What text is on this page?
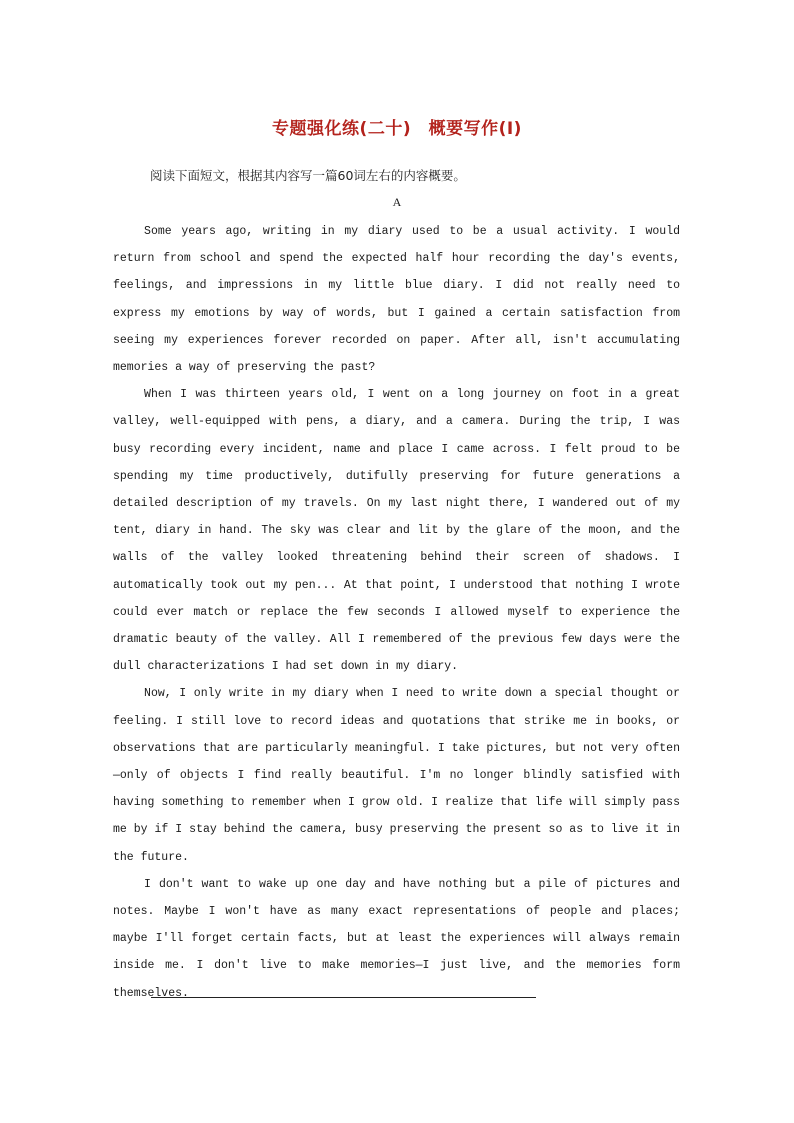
专题强化练(二十)　概要写作(Ⅰ)
阅读下面短文，根据其内容写一篇60词左右的内容概要。
A

Some years ago, writing in my diary used to be a usual activity. I would return from school and spend the expected half hour recording the day's events, feelings, and impressions in my little blue diary. I did not really need to express my emotions by way of words, but I gained a certain satisfaction from seeing my experiences forever recorded on paper. After all, isn't accumulating memories a way of preserving the past?

When I was thirteen years old, I went on a long journey on foot in a great valley, well-equipped with pens, a diary, and a camera. During the trip, I was busy recording every incident, name and place I came across. I felt proud to be spending my time productively, dutifully preserving for future generations a detailed description of my travels. On my last night there, I wandered out of my tent, diary in hand. The sky was clear and lit by the glare of the moon, and the walls of the valley looked threatening behind their screen of shadows. I automatically took out my pen... At that point, I understood that nothing I wrote could ever match or replace the few seconds I allowed myself to experience the dramatic beauty of the valley. All I remembered of the previous few days were the dull characterizations I had set down in my diary.

Now, I only write in my diary when I need to write down a special thought or feeling. I still love to record ideas and quotations that strike me in books, or observations that are particularly meaningful. I take pictures, but not very often—only of objects I find really beautiful. I'm no longer blindly satisfied with having something to remember when I grow old. I realize that life will simply pass me by if I stay behind the camera, busy preserving the present so as to live it in the future.

I don't want to wake up one day and have nothing but a pile of pictures and notes. Maybe I won't have as many exact representations of people and places; maybe I'll forget certain facts, but at least the experiences will always remain inside me. I don't live to make memories—I just live, and the memories form themselves.
